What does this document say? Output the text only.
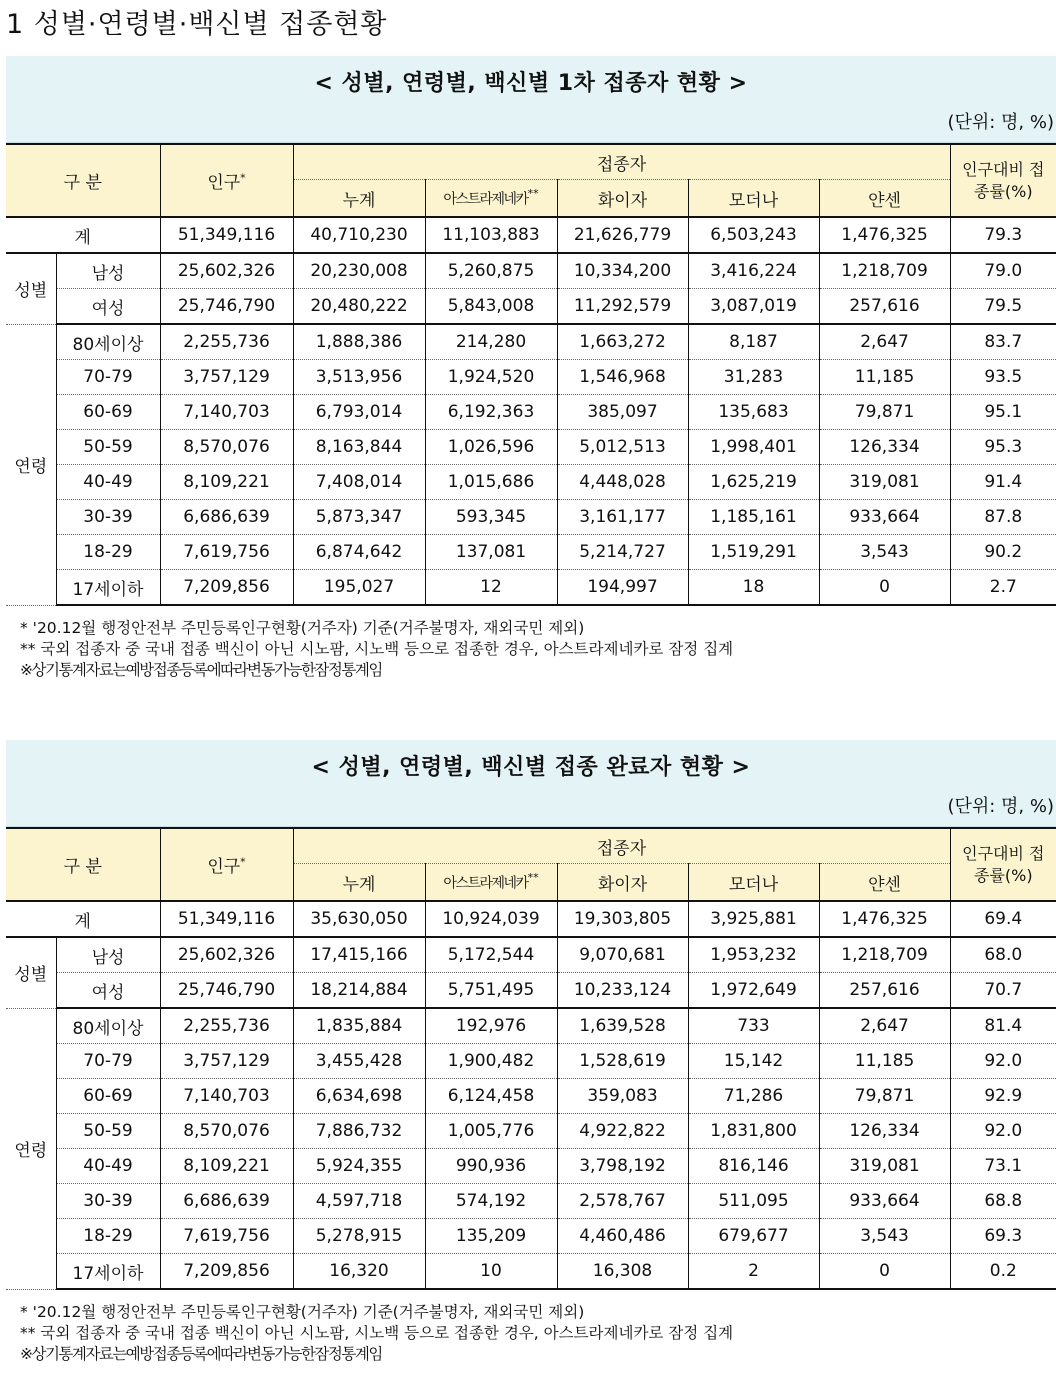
1 성별·연령별·백신별 접종현황
< 성별, 연령별, 백신별 1차 접종자 현황 >
(단위: 명, %)
구 분		인구*	접종자					인구대비 접
종률(%)
			누계	아스트라제네카**	화이자	모더나	얀센	
계		51,349,116	40,710,230	11,103,883	21,626,779	6,503,243	1,476,325	79.3
성별	남성	25,602,326	20,230,008	5,260,875	10,334,200	3,416,224	1,218,709	79.0
	여성	25,746,790	20,480,222	5,843,008	11,292,579	3,087,019	257,616	79.5
연령	80세이상	2,255,736	1,888,386	214,280	1,663,272	8,187	2,647	83.7
	70-79	3,757,129	3,513,956	1,924,520	1,546,968	31,283	11,185	93.5
	60-69	7,140,703	6,793,014	6,192,363	385,097	135,683	79,871	95.1
	50-59	8,570,076	8,163,844	1,026,596	5,012,513	1,998,401	126,334	95.3
	40-49	8,109,221	7,408,014	1,015,686	4,448,028	1,625,219	319,081	91.4
	30-39	6,686,639	5,873,347	593,345	3,161,177	1,185,161	933,664	87.8
	18-29	7,619,756	6,874,642	137,081	5,214,727	1,519,291	3,543	90.2
	17세이하	7,209,856	195,027	12	194,997	18	0	2.7
* '20.12월 행정안전부 주민등록인구현황(거주자) 기준(거주불명자, 재외국민 제외)
** 국외 접종자 중 국내 접종 백신이 아닌 시노팜, 시노백 등으로 접종한 경우, 아스트라제네카로 잠정 집계
※상기통계자료는예방접종등록에따라변동가능한잠정통계임
< 성별, 연령별, 백신별 접종 완료자 현황 >
(단위: 명, %)
구 분		인구*	접종자					인구대비 접
종률(%)
			누계	아스트라제네카**	화이자	모더나	얀센	
계		51,349,116	35,630,050	10,924,039	19,303,805	3,925,881	1,476,325	69.4
성별	남성	25,602,326	17,415,166	5,172,544	9,070,681	1,953,232	1,218,709	68.0
	여성	25,746,790	18,214,884	5,751,495	10,233,124	1,972,649	257,616	70.7
연령	80세이상	2,255,736	1,835,884	192,976	1,639,528	733	2,647	81.4
	70-79	3,757,129	3,455,428	1,900,482	1,528,619	15,142	11,185	92.0
	60-69	7,140,703	6,634,698	6,124,458	359,083	71,286	79,871	92.9
	50-59	8,570,076	7,886,732	1,005,776	4,922,822	1,831,800	126,334	92.0
	40-49	8,109,221	5,924,355	990,936	3,798,192	816,146	319,081	73.1
	30-39	6,686,639	4,597,718	574,192	2,578,767	511,095	933,664	68.8
	18-29	7,619,756	5,278,915	135,209	4,460,486	679,677	3,543	69.3
	17세이하	7,209,856	16,320	10	16,308	2	0	0.2
* '20.12월 행정안전부 주민등록인구현황(거주자) 기준(거주불명자, 재외국민 제외)
** 국외 접종자 중 국내 접종 백신이 아닌 시노팜, 시노백 등으로 접종한 경우, 아스트라제네카로 잠정 집계
※상기통계자료는예방접종등록에따라변동가능한잠정통계임
